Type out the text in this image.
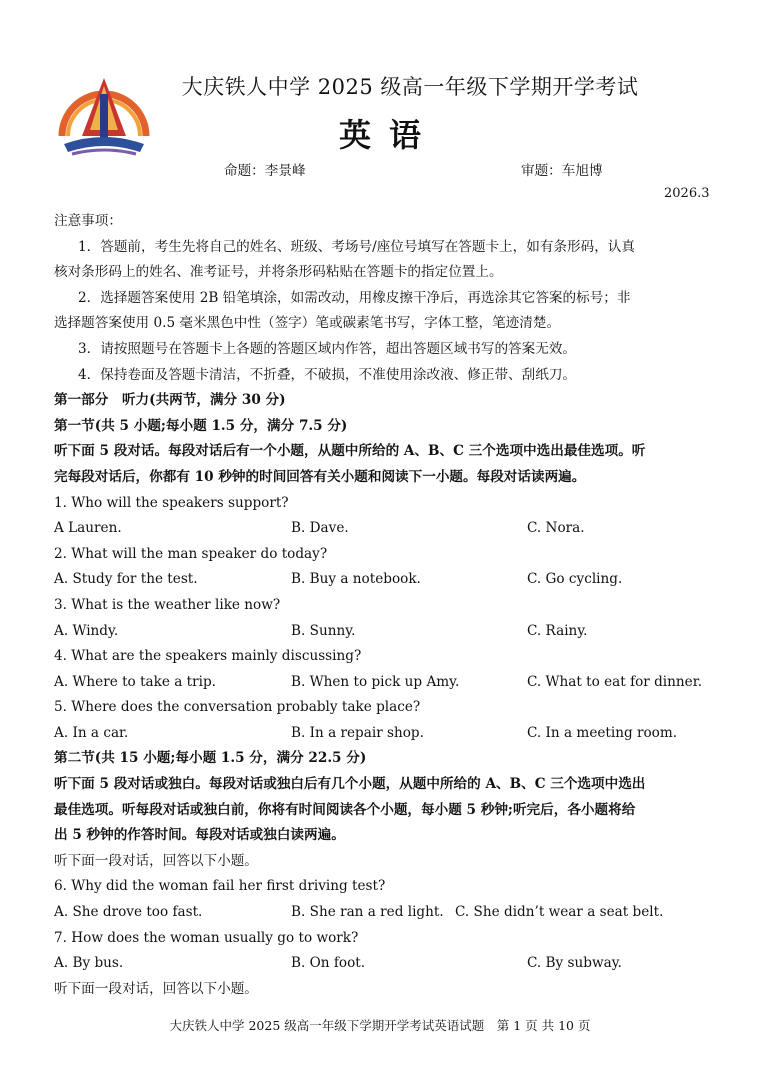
大庆铁人中学 2025 级高一年级下学期开学考试
英语
命题：李景峰	审题：车旭博
2026.3
注意事项：
1．答题前，考生先将自己的姓名、班级、考场号/座位号填写在答题卡上，如有条形码，认真
核对条形码上的姓名、准考证号，并将条形码粘贴在答题卡的指定位置上。
2．选择题答案使用 2B 铅笔填涂，如需改动，用橡皮擦干净后，再选涂其它答案的标号；非
选择题答案使用 0.5 毫米黑色中性（签字）笔或碳素笔书写，字体工整，笔迹清楚。
3．请按照题号在答题卡上各题的答题区域内作答，超出答题区域书写的答案无效。
4．保持卷面及答题卡清洁，不折叠，不破损，不准使用涂改液、修正带、刮纸刀。
第一部分　听力(共两节，满分 30 分)
第一节(共 5 小题;每小题 1.5 分，满分 7.5 分)
听下面 5 段对话。每段对话后有一个小题，从题中所给的 A、B、C 三个选项中选出最佳选项。听
完每段对话后，你都有 10 秒钟的时间回答有关小题和阅读下一小题。每段对话读两遍。
1. Who will the speakers support?
A Lauren.	B. Dave.	C. Nora.
2. What will the man speaker do today?
A. Study for the test.	B. Buy a notebook.	C. Go cycling.
3. What is the weather like now?
A. Windy.	B. Sunny.	C. Rainy.
4. What are the speakers mainly discussing?
A. Where to take a trip.	B. When to pick up Amy.	C. What to eat for dinner.
5. Where does the conversation probably take place?
A. In a car.	B. In a repair shop.	C. In a meeting room.
第二节(共 15 小题;每小题 1.5 分，满分 22.5 分)
听下面 5 段对话或独白。每段对话或独白后有几个小题，从题中所给的 A、B、C 三个选项中选出
最佳选项。听每段对话或独白前，你将有时间阅读各个小题，每小题 5 秒钟;听完后，各小题将给
出 5 秒钟的作答时间。每段对话或独白读两遍。
听下面一段对话，回答以下小题。
6. Why did the woman fail her first driving test?
A. She drove too fast.	B. She ran a red light. C. She didn’t wear a seat belt.
7. How does the woman usually go to work?
A. By bus.	B. On foot.	C. By subway.
听下面一段对话，回答以下小题。
大庆铁人中学 2025 级高一年级下学期开学考试英语试题　第 1 页 共 10 页
